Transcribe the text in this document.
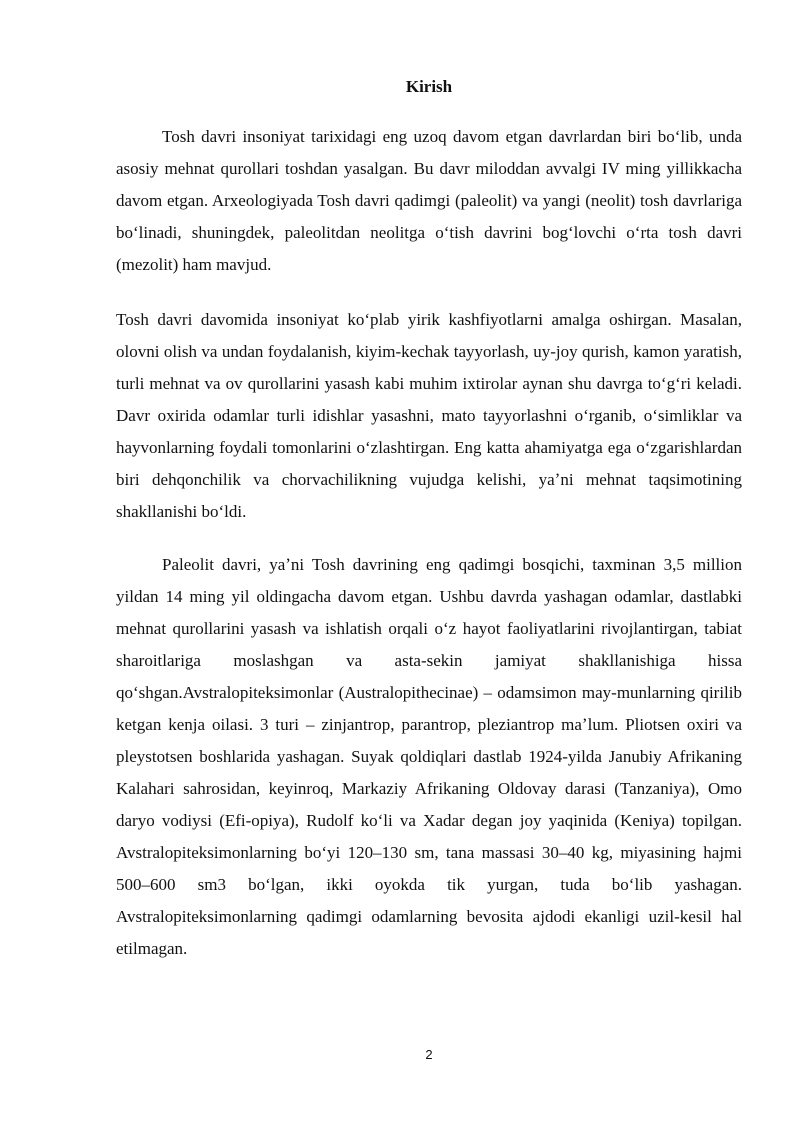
Kirish

Tosh davri insoniyat tarixidagi eng uzoq davom etgan davrlardan biri boʻlib, unda asosiy mehnat qurollari toshdan yasalgan. Bu davr miloddan avvalgi IV ming yillikkacha davom etgan. Arxeologiyada Tosh davri qadimgi (paleolit) va yangi (neolit) tosh davrlariga boʻlinadi, shuningdek, paleolitdan neolitga oʻtish davrini bogʻlovchi oʻrta tosh davri (mezolit) ham mavjud.

Tosh davri davomida insoniyat koʻplab yirik kashfiyotlarni amalga oshirgan. Masalan, olovni olish va undan foydalanish, kiyim-kechak tayyorlash, uy-joy qurish, kamon yaratish, turli mehnat va ov qurollarini yasash kabi muhim ixtirolar aynan shu davrga toʻgʻri keladi. Davr oxirida odamlar turli idishlar yasashni, mato tayyorlashni oʻrganib, oʻsimliklar va hayvonlarning foydali tomonlarini oʻzlashtirgan. Eng katta ahamiyatga ega oʻzgarishlardan biri dehqonchilik va chorvachilikning vujudga kelishi, yaʼni mehnat taqsimotining shakllanishi boʻldi.

Paleolit davri, yaʼni Tosh davrining eng qadimgi bosqichi, taxminan 3,5 million yildan 14 ming yil oldingacha davom etgan. Ushbu davrda yashagan odamlar, dastlabki mehnat qurollarini yasash va ishlatish orqali oʻz hayot faoliyatlarini rivojlantirgan, tabiat sharoitlariga moslashgan va asta-sekin jamiyat shakllanishiga hissa qoʻshgan.Avstralopiteksimonlar (Australopithecinae) – odamsimon may-munlarning qirilib ketgan kenja oilasi. 3 turi – zinjantrop, parantrop, pleziantrop maʼlum. Pliotsen oxiri va pleystotsen boshlarida yashagan. Suyak qoldiqlari dastlab 1924-yilda Janubiy Afrikaning Kalahari sahrosidan, keyinroq, Markaziy Afrikaning Oldovay darasi (Tanzaniya), Omo daryo vodiysi (Efi-opiya), Rudolf koʻli va Xadar degan joy yaqinida (Keniya) topilgan. Avstralopiteksimonlarning boʻyi 120–130 sm, tana massasi 30–40 kg, miyasining hajmi 500–600 sm3 boʻlgan, ikki oyokda tik yurgan, tuda boʻlib yashagan. Avstralopiteksimonlarning qadimgi odamlarning bevosita ajdodi ekanligi uzil-kesil hal etilmagan.

2
